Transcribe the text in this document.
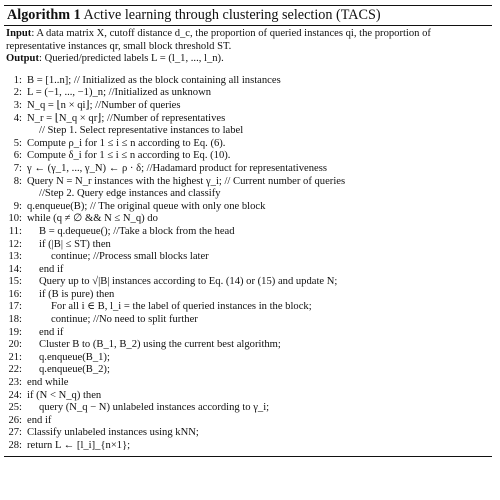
Algorithm 1 Active learning through clustering selection (TACS)
Input: A data matrix X, cutoff distance d_c, the proportion of queried instances qi, the proportion of representative instances qr, small block threshold ST.
Output: Queried/predicted labels L = (l_1, ..., l_n).
1: B = [1..n]; // Initialized as the block containing all instances
2: L = (−1, ..., −1)_n; //Initialized as unknown
3: N_q = ⌊n × qi⌋; //Number of queries
4: N_r = ⌊N_q × qr⌋; //Number of representatives
// Step 1. Select representative instances to label
5: Compute ρ_i for 1 ≤ i ≤ n according to Eq. (6).
6: Compute δ_i for 1 ≤ i ≤ n according to Eq. (10).
7: γ ← (γ_1, ..., γ_N) ← ρ · δ; //Hadamard product for representativeness
8: Query N = N_r instances with the highest γ_i; // Current number of queries
//Step 2. Query edge instances and classify
9: q.enqueue(B); // The original queue with only one block
10: while (q ≠ ∅ && N ≤ N_q) do
11: B = q.dequeue(); //Take a block from the head
12: if (|B| ≤ ST) then
13:	continue; //Process small blocks later
14: end if
15: Query up to √|B| instances according to Eq. (14) or (15) and update N;
16: if (B is pure) then
17:	For all i ∈ B, l_i = the label of queried instances in the block;
18:	continue; //No need to split further
19: end if
20: Cluster B to (B_1, B_2) using the current best algorithm;
21: q.enqueue(B_1);
22: q.enqueue(B_2);
23: end while
24: if (N < N_q) then
25: query (N_q − N) unlabeled instances according to γ_i;
26: end if
27: Classify unlabeled instances using kNN;
28: return L ← [l_i]_{n×1};
